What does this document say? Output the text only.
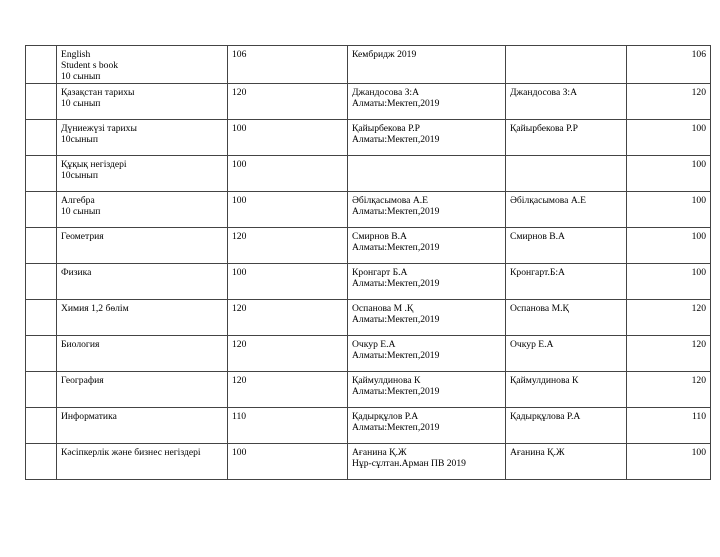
	English
Student s book
10 сынып	106	Кембридж 2019		106

	Қазақстан тарихы
10 сынып	120	Джандосова З:А
Алматы:Мектеп,2019	Джандосова З:А	120

	Дүниежүзі тарихы
10сынып	100	Қайырбекова Р.Р
Алматы:Мектеп,2019	Қайырбекова Р.Р	100

	Құқық негіздері
10сынып	100			100

	Алгебра
10 сынып	100	Әбілқасымова А.Е
Алматы:Мектеп,2019	Әбілқасымова А.Е	100

	Геометрия	120	Смирнов В.А
Алматы:Мектеп,2019	Смирнов В.А	100

	Физика	100	Кронгарт Б.А
Алматы:Мектеп,2019	Кронгарт.Б:А	100

	Химия 1,2 бөлім	120	Оспанова М .Қ
Алматы:Мектеп,2019	Оспанова М.Қ	120

	Биология	120	Очкур Е.А
Алматы:Мектеп,2019	Очкур Е.А	120

	География	120	Қаймулдинова К
Алматы:Мектеп,2019	Қаймулдинова К	120

	Информатика	110	Қадырқұлов Р.А
Алматы:Мектеп,2019	Қадырқұлова Р.А	110

	Кәсіпкерлік және бизнес негіздері	100	Ағанина Қ.Ж
Нұр-сұлтан.Арман ПВ 2019	Ағанина Қ.Ж	100
